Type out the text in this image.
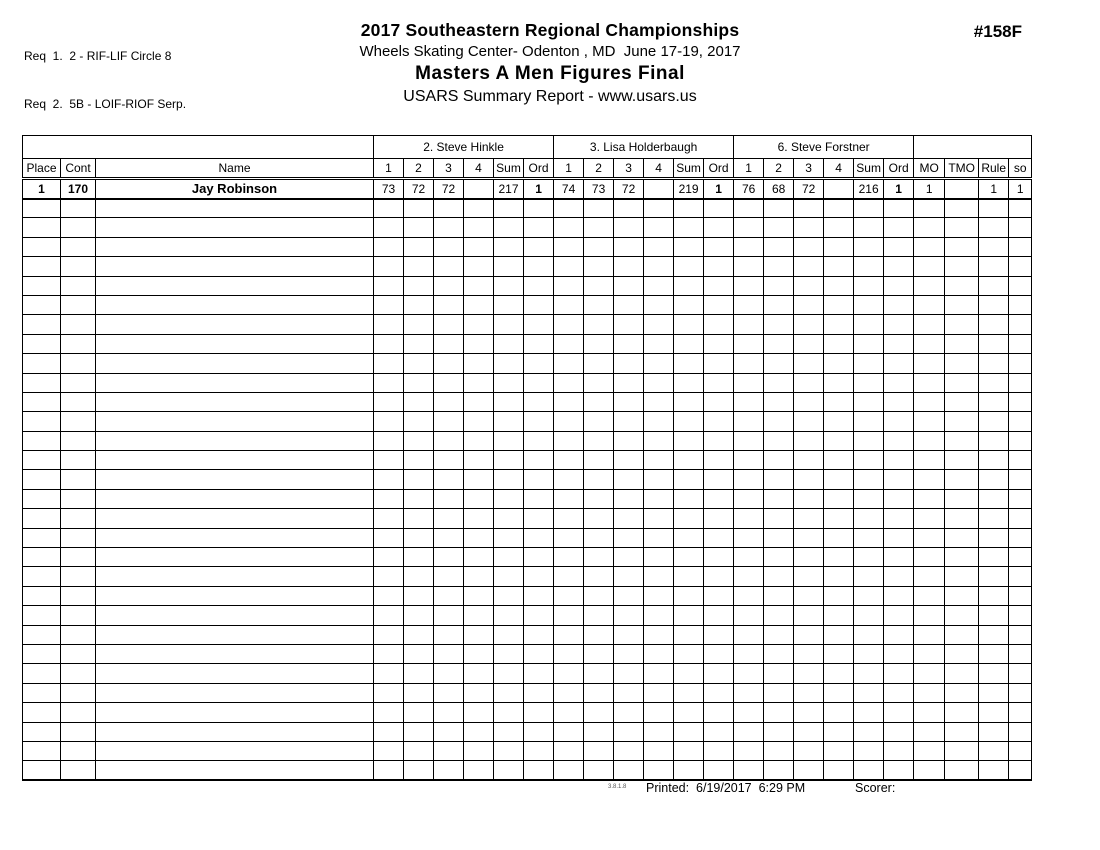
Req  1.  2 - RIF-LIF Circle 8

Req  2.  5B - LOIF-RIOF Serp.

2017 Southeastern Regional Championships
Wheels Skating Center- Odenton , MD  June 17-19, 2017
Masters A Men Figures Final
USARS Summary Report - www.usars.us
#158F
			2. Steve Hinkle						3. Lisa Holderbaugh						6. Steve Forstner									
Place	Cont	Name	1	2	3	4	Sum	Ord	1	2	3	4	Sum	Ord	1	2	3	4	Sum	Ord	MO	TMO	Rule	so
1	170	Jay Robinson	73	72	72		217	1	74	73	72		219	1	76	68	72		216	1	1		1	1

3.8.1.8 Printed:  6/19/2017  6:29 PM	Scorer:
